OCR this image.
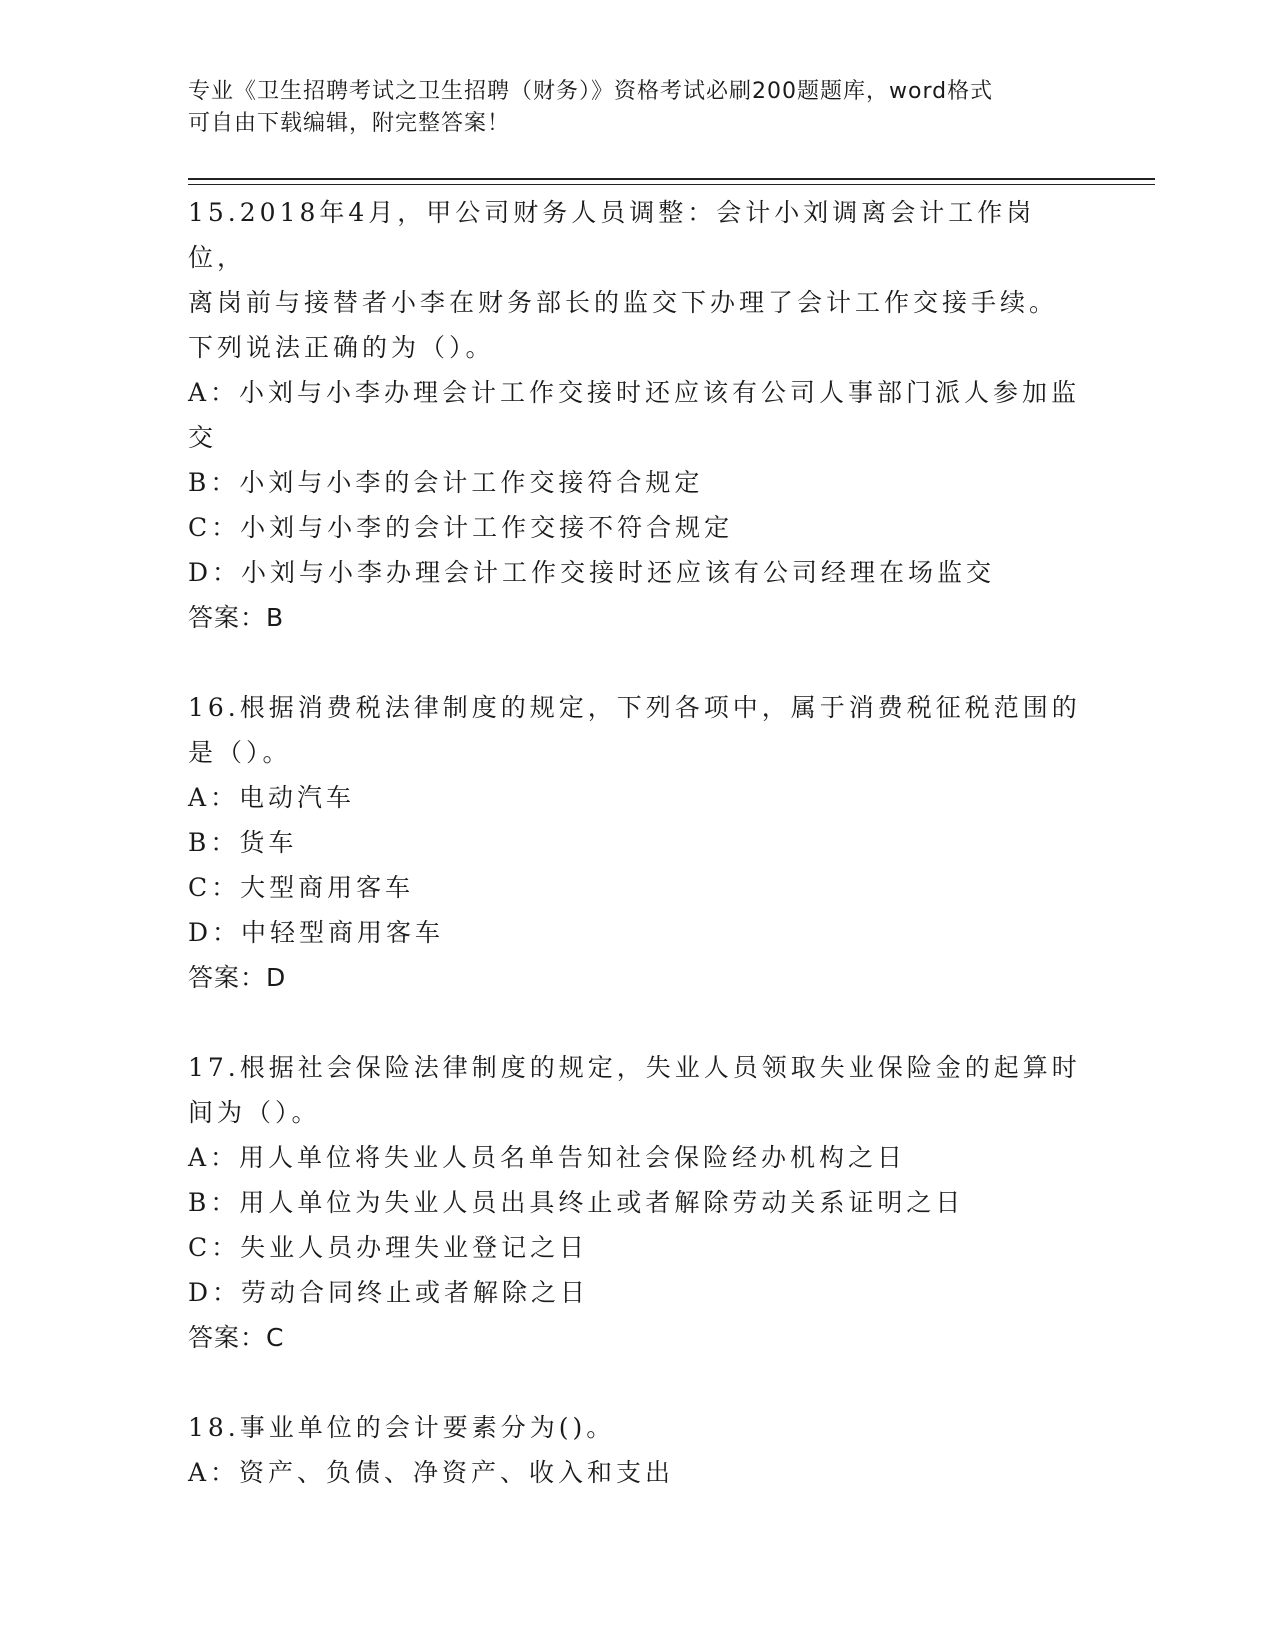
专业《卫生招聘考试之卫生招聘（财务）》资格考试必刷200题题库，word格式
可自由下载编辑，附完整答案！
15.2018年4月，甲公司财务人员调整：会计小刘调离会计工作岗位，
离岗前与接替者小李在财务部长的监交下办理了会计工作交接手续。
下列说法正确的为（）。
A：小刘与小李办理会计工作交接时还应该有公司人事部门派人参加监
交
B：小刘与小李的会计工作交接符合规定
C：小刘与小李的会计工作交接不符合规定
D：小刘与小李办理会计工作交接时还应该有公司经理在场监交
答案：B
16.根据消费税法律制度的规定，下列各项中，属于消费税征税范围的
是（）。
A：电动汽车
B：货车
C：大型商用客车
D：中轻型商用客车
答案：D
17.根据社会保险法律制度的规定，失业人员领取失业保险金的起算时
间为（）。
A：用人单位将失业人员名单告知社会保险经办机构之日
B：用人单位为失业人员出具终止或者解除劳动关系证明之日
C：失业人员办理失业登记之日
D：劳动合同终止或者解除之日
答案：C
18.事业单位的会计要素分为()。
A：资产、负债、净资产、收入和支出
